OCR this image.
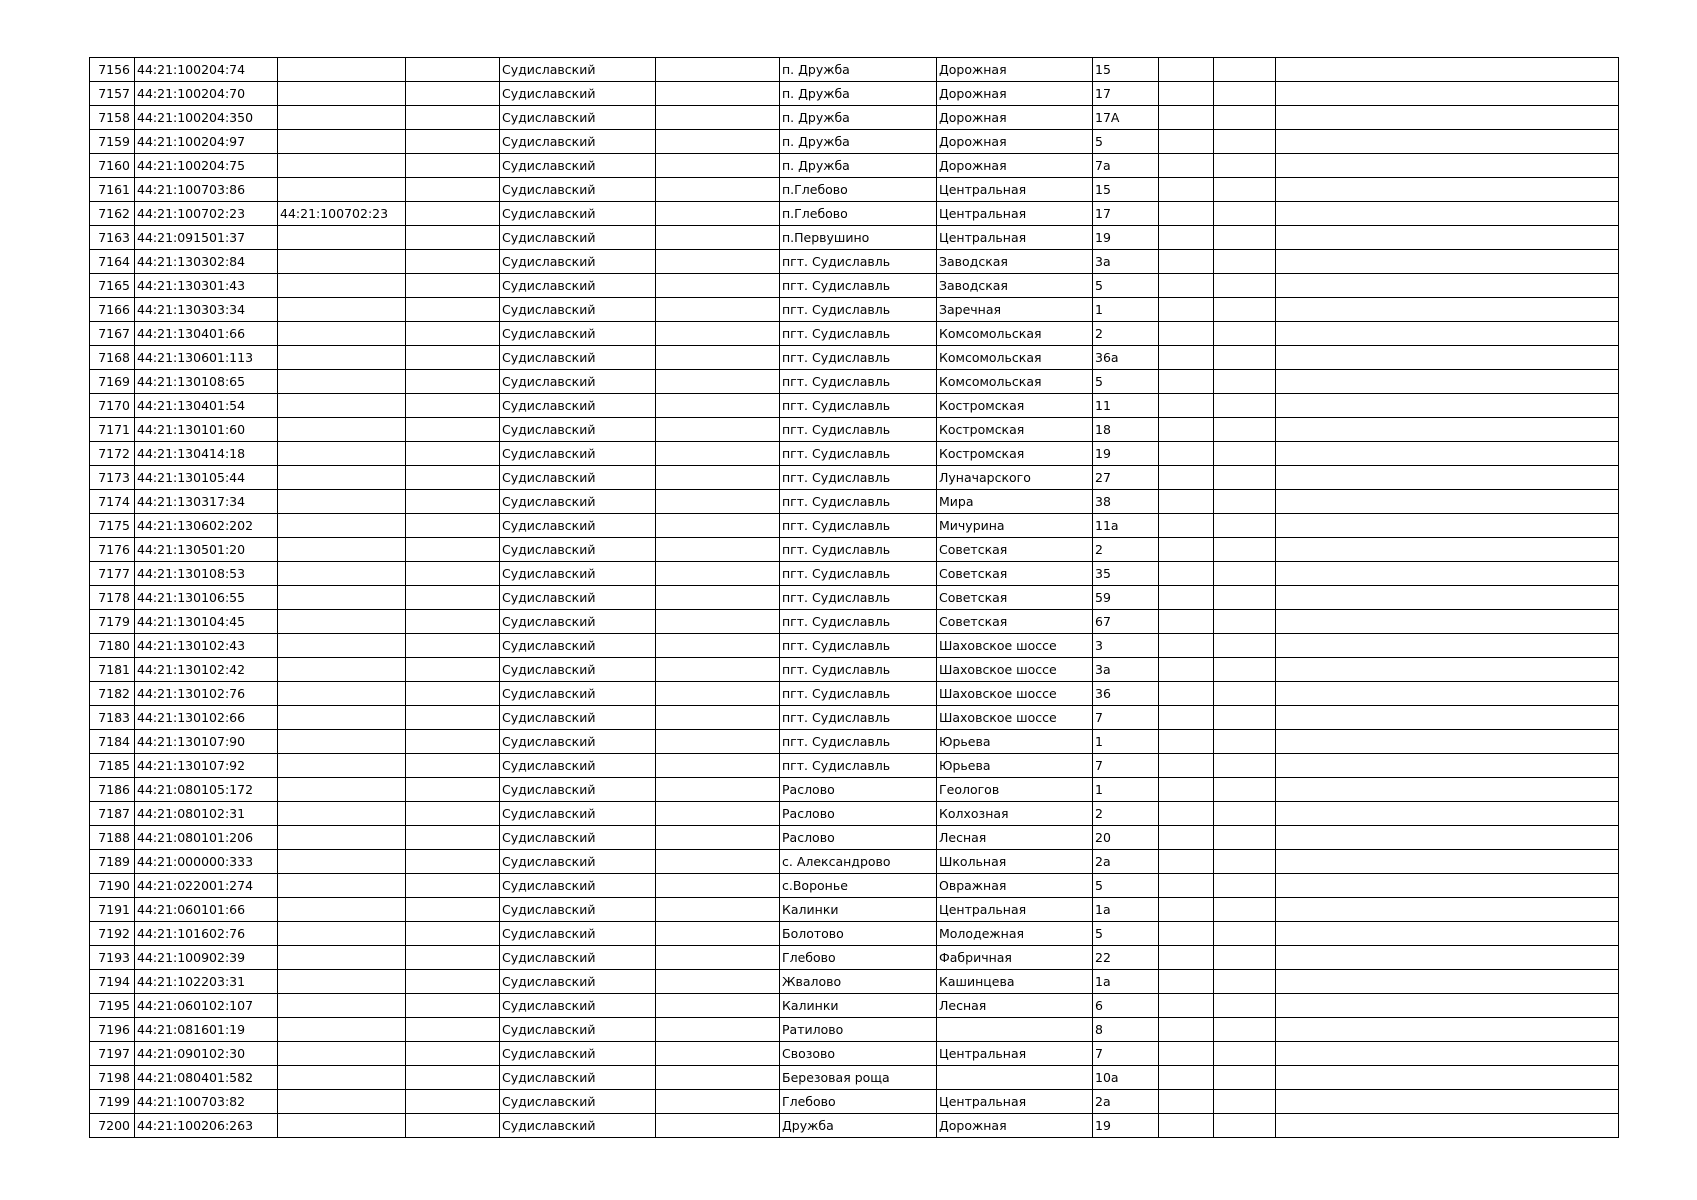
7156	44:21:100204:74			Судиславский		п. Дружба	Дорожная	15			
7157	44:21:100204:70			Судиславский		п. Дружба	Дорожная	17			
7158	44:21:100204:350			Судиславский		п. Дружба	Дорожная	17А			
7159	44:21:100204:97			Судиславский		п. Дружба	Дорожная	5			
7160	44:21:100204:75			Судиславский		п. Дружба	Дорожная	7а			
7161	44:21:100703:86			Судиславский		п.Глебово	Центральная	15			
7162	44:21:100702:23	44:21:100702:23		Судиславский		п.Глебово	Центральная	17			
7163	44:21:091501:37			Судиславский		п.Первушино	Центральная	19			
7164	44:21:130302:84			Судиславский		пгт. Судиславль	Заводская	3а			
7165	44:21:130301:43			Судиславский		пгт. Судиславль	Заводская	5			
7166	44:21:130303:34			Судиславский		пгт. Судиславль	Заречная	1			
7167	44:21:130401:66			Судиславский		пгт. Судиславль	Комсомольская	2			
7168	44:21:130601:113			Судиславский		пгт. Судиславль	Комсомольская	36а			
7169	44:21:130108:65			Судиславский		пгт. Судиславль	Комсомольская	5			
7170	44:21:130401:54			Судиславский		пгт. Судиславль	Костромская	11			
7171	44:21:130101:60			Судиславский		пгт. Судиславль	Костромская	18			
7172	44:21:130414:18			Судиславский		пгт. Судиславль	Костромская	19			
7173	44:21:130105:44			Судиславский		пгт. Судиславль	Луначарского	27			
7174	44:21:130317:34			Судиславский		пгт. Судиславль	Мира	38			
7175	44:21:130602:202			Судиславский		пгт. Судиславль	Мичурина	11а			
7176	44:21:130501:20			Судиславский		пгт. Судиславль	Советская	2			
7177	44:21:130108:53			Судиславский		пгт. Судиславль	Советская	35			
7178	44:21:130106:55			Судиславский		пгт. Судиславль	Советская	59			
7179	44:21:130104:45			Судиславский		пгт. Судиславль	Советская	67			
7180	44:21:130102:43			Судиславский		пгт. Судиславль	Шаховское шоссе	3			
7181	44:21:130102:42			Судиславский		пгт. Судиславль	Шаховское шоссе	3а			
7182	44:21:130102:76			Судиславский		пгт. Судиславль	Шаховское шоссе	36			
7183	44:21:130102:66			Судиславский		пгт. Судиславль	Шаховское шоссе	7			
7184	44:21:130107:90			Судиславский		пгт. Судиславль	Юрьева	1			
7185	44:21:130107:92			Судиславский		пгт. Судиславль	Юрьева	7			
7186	44:21:080105:172			Судиславский		Раслово	Геологов	1			
7187	44:21:080102:31			Судиславский		Раслово	Колхозная	2			
7188	44:21:080101:206			Судиславский		Раслово	Лесная	20			
7189	44:21:000000:333			Судиславский		с. Александрово	Школьная	2а			
7190	44:21:022001:274			Судиславский		с.Воронье	Овражная	5			
7191	44:21:060101:66			Судиславский		Калинки	Центральная	1а			
7192	44:21:101602:76			Судиславский		Болотово	Молодежная	5			
7193	44:21:100902:39			Судиславский		Глебово	Фабричная	22			
7194	44:21:102203:31			Судиславский		Жвалово	Кашинцева	1а			
7195	44:21:060102:107			Судиславский		Калинки	Лесная	6			
7196	44:21:081601:19			Судиславский		Ратилово		8			
7197	44:21:090102:30			Судиславский		Свозово	Центральная	7			
7198	44:21:080401:582			Судиславский		Березовая роща		10а			
7199	44:21:100703:82			Судиславский		Глебово	Центральная	2а			
7200	44:21:100206:263			Судиславский		Дружба	Дорожная	19			
